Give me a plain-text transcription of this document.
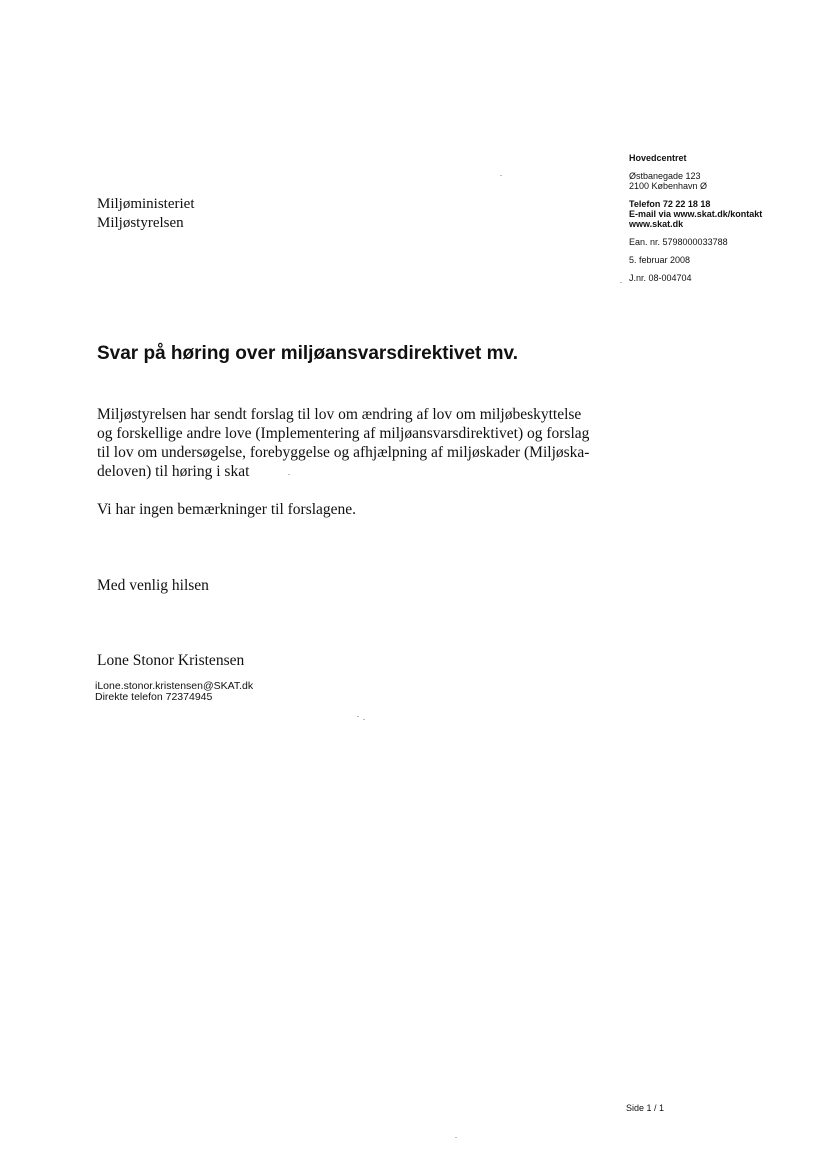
Miljøministeriet
Miljøstyrelsen
Hovedcentret
Østbanegade 123
2100 København Ø
Telefon 72 22 18 18
E-mail via www.skat.dk/kontakt
www.skat.dk
Ean. nr. 5798000033788
5. februar 2008
J.nr. 08-004704
Svar på høring over miljøansvarsdirektivet mv.
Miljøstyrelsen har sendt forslag til lov om ændring af lov om miljøbeskyttelse
og forskellige andre love (Implementering af miljøansvarsdirektivet) og forslag
til lov om undersøgelse, forebyggelse og afhjælpning af miljøskader (Miljøska-
deloven) til høring i skat
Vi har ingen bemærkninger til forslagene.
Med venlig hilsen
Lone Stonor Kristensen
iLone.stonor.kristensen@SKAT.dk
Direkte telefon 72374945
Side 1 / 1
